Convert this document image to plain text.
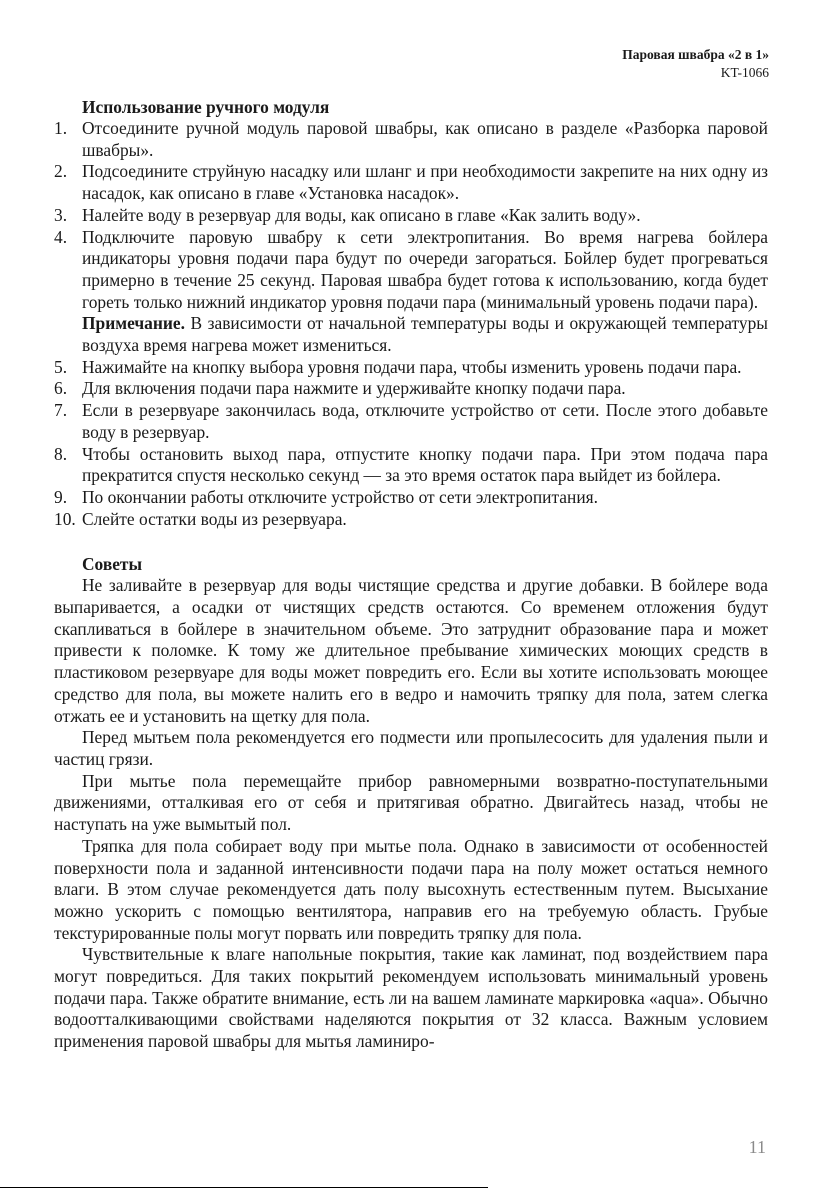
Паровая швабра «2 в 1»
KT-1066
Использование ручного модуля
1. Отсоедините ручной модуль паровой швабры, как описано в разделе «Разборка паровой швабры».
2. Подсоедините струйную насадку или шланг и при необходимости закрепите на них одну из насадок, как описано в главе «Установка насадок».
3. Налейте воду в резервуар для воды, как описано в главе «Как залить воду».
4. Подключите паровую швабру к сети электропитания. Во время нагрева бойлера индикаторы уровня подачи пара будут по очереди загораться. Бойлер будет прогреваться примерно в течение 25 секунд. Паровая швабра будет готова к использованию, когда будет гореть только нижний индикатор уровня подачи пара (минимальный уровень подачи пара).
Примечание. В зависимости от начальной температуры воды и окружающей температуры воздуха время нагрева может измениться.
5. Нажимайте на кнопку выбора уровня подачи пара, чтобы изменить уровень подачи пара.
6. Для включения подачи пара нажмите и удерживайте кнопку подачи пара.
7. Если в резервуаре закончилась вода, отключите устройство от сети. После этого добавьте воду в резервуар.
8. Чтобы остановить выход пара, отпустите кнопку подачи пара. При этом подача пара прекратится спустя несколько секунд — за это время остаток пара выйдет из бойлера.
9. По окончании работы отключите устройство от сети электропитания.
10. Слейте остатки воды из резервуара.
Советы

Не заливайте в резервуар для воды чистящие средства и другие добавки. В бойлере вода выпаривается, а осадки от чистящих средств остаются. Со временем отложения будут скапливаться в бойлере в значительном объеме. Это затруднит образование пара и может привести к поломке. К тому же длительное пребывание химических моющих средств в пластиковом резервуаре для воды может повредить его. Если вы хотите использовать моющее средство для пола, вы можете налить его в ведро и намочить тряпку для пола, затем слегка отжать ее и установить на щетку для пола.

Перед мытьем пола рекомендуется его подмести или пропылесосить для удаления пыли и частиц грязи.

При мытье пола перемещайте прибор равномерными возвратно-поступательными движениями, отталкивая его от себя и притягивая обратно. Двигайтесь назад, чтобы не наступать на уже вымытый пол.

Тряпка для пола собирает воду при мытье пола. Однако в зависимости от особенностей поверхности пола и заданной интенсивности подачи пара на полу может остаться немного влаги. В этом случае рекомендуется дать полу высохнуть естественным путем. Высыхание можно ускорить с помощью вентилятора, направив его на требуемую область. Грубые текстурированные полы могут порвать или повредить тряпку для пола.

Чувствительные к влаге напольные покрытия, такие как ламинат, под воздействием пара могут повредиться. Для таких покрытий рекомендуем использовать минимальный уровень подачи пара. Также обратите внимание, есть ли на вашем ламинате маркировка «aqua». Обычно водоотталкивающими свойствами наделяются покрытия от 32 класса. Важным условием применения паровой швабры для мытья ламиниро-

11
